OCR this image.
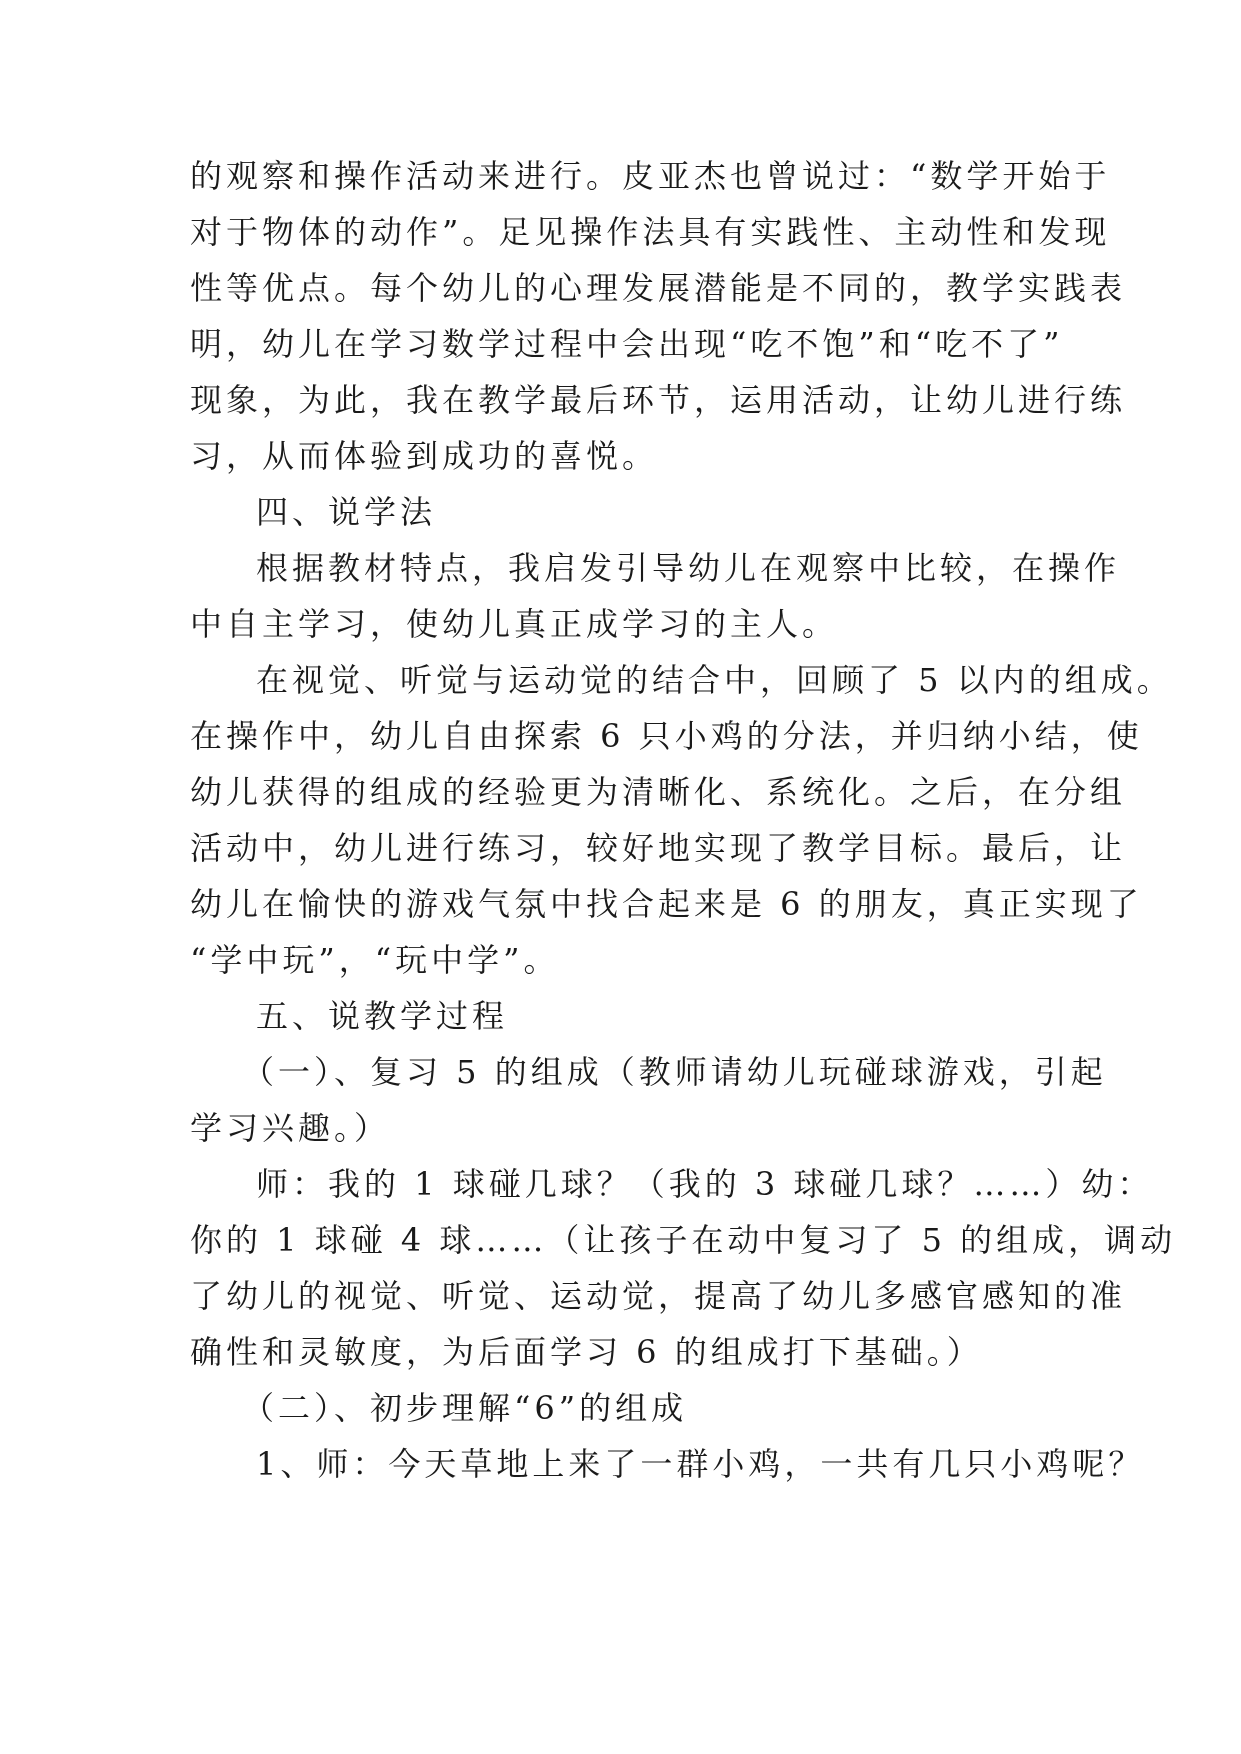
的观察和操作活动来进行。皮亚杰也曾说过：“数学开始于
对于物体的动作”。足见操作法具有实践性、主动性和发现
性等优点。每个幼儿的心理发展潜能是不同的，教学实践表
明，幼儿在学习数学过程中会出现“吃不饱”和“吃不了”
现象，为此，我在教学最后环节，运用活动，让幼儿进行练
习，从而体验到成功的喜悦。
四、说学法
根据教材特点，我启发引导幼儿在观察中比较，在操作
中自主学习，使幼儿真正成学习的主人。
在视觉、听觉与运动觉的结合中，回顾了 5 以内的组成。
在操作中，幼儿自由探索 6 只小鸡的分法，并归纳小结，使
幼儿获得的组成的经验更为清晰化、系统化。之后，在分组
活动中，幼儿进行练习，较好地实现了教学目标。最后，让
幼儿在愉快的游戏气氛中找合起来是 6 的朋友，真正实现了
“学中玩”，“玩中学”。
五、说教学过程
（一）、复习 5 的组成（教师请幼儿玩碰球游戏，引起
学习兴趣。）
师：我的 1 球碰几球？（我的 3 球碰几球？……）幼：
你的 1 球碰 4 球……（让孩子在动中复习了 5 的组成，调动
了幼儿的视觉、听觉、运动觉，提高了幼儿多感官感知的准
确性和灵敏度，为后面学习 6 的组成打下基础。）
（二）、初步理解“6”的组成
1、师：今天草地上来了一群小鸡，一共有几只小鸡呢？
